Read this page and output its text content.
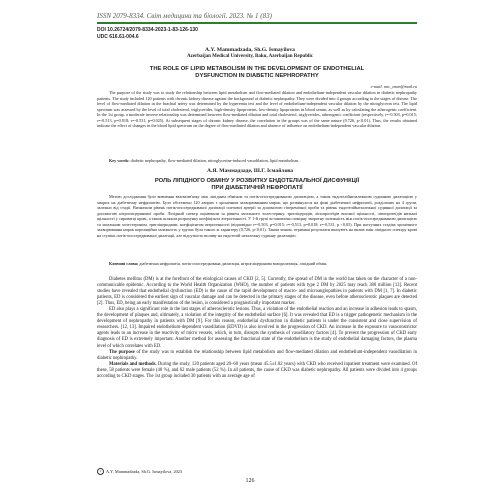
ISSN 2079-8334. Світ медицини та біології. 2023. № 1 (83)
DOI 10.26724/2079-8334-2023-1-83-126-130
UDC 616.61-004.6
A.Y. Mammadzada, Sh.G. Ismayilova
Azerbaijan Medical University, Baku, Azerbaijan Republic
THE ROLE OF LIPID METABOLISM IN THE DEVELOPMENT OF ENDOTHELIAL
DYSFUNCTION IN DIABETIC NEPHROPATHY
e-mail: mic_emm@mail.ru
The purpose of the study was to study the relationship between lipid metabolism and flow-mediated dilation and endothelium-independent vascular dilation in diabetic nephropathy patients. The study included 120 patients with chronic kidney disease against the background of diabetic nephropathy. They were divided into 4 groups according to the stages of disease. The level of flow-mediated dilation in the brachial artery was determined by the hyperemia test and the level of endothelium-independent vascular dilation by the nitroglycerin test. The lipid spectrum was assessed by the level of total cholesterol, triglycerides, high-density lipoproteins, low-density lipoproteins in blood serum, as well as by calculating the atherogenic coefficient. In the 1st group, a moderate inverse relationship was determined between flow-mediated dilation and total cholesterol, triglycerides, atherogenic coefficient (respectively, r=-0.503, p=0.015; r=-0.513, p=0.018; r=-0.531, p=0.025). At subsequent stages of chronic kidney disease, the correlation in the groups was of the same nature (0.726, p<0.01). Thus, the results obtained indicate the effect of changes in the blood lipid spectrum on the degree of flow-mediated dilation and absence of influence on endothelium-independent vascular dilation.
Key words: diabetic nephropathy, flow-mediated dilation, nitroglycerine-induced vasodilation, lipid metabolism.
А.Я. Маммадзаде, Ш.Г. Ісмайлова
РОЛЬ ЛІПІДНОГО ОБМІНУ У РОЗВИТКУ ЕНДОТЕЛІАЛЬНОЇ ДИСФУНКЦІЇ
ПРИ ДІАБЕТИЧНІЙ НЕФРОПАТІЇ
Метою дослідження було вивчення взаємозв'язку між ліпідним обміном та потік-опосередкованою дилатацією, а також ендотелійнезалежною судинною дилатацією у хворих на діабетичну нефропатію. Було обстежено 120 хворих з хронічним захворюванням нирок, що розвинулося на фоні діабетичної нефропатії, розділених на 4 групи, залежно від стадії. Визначали рівень потік-опосередкованої дилатації плечової артерії за допомогою гіперемічної проби та рівень ендотелійнезалежної судинної дилатації за допомогою нітрогліцеринової проби. Ліпідний спектр оцінювали за рівнем загального холестерину, тригліцеридів, ліпопротеїдів високої щільності, ліпопротеїдів низької щільності у сироватці крові, а також шляхом розрахунку коефіцієнта атерогенності. У 1-й групі встановлено помірну зворотну залежність між потік-опосередкованою дилатацією та загальним холестерином, тригліцеридами, коефіцієнтом атерогенності (відповідно r=-0,503, p=0,015; r=-0,513, p=0,018; r=-0,531, p <0,05). При наступних стадіях хронічного захворювання нирок кореляційна залежність у групах була такого ж характеру (0,726, p<0,01). Таким чином, отримані результати вказують на вплив змін ліпідного спектру крові на ступінь потік-опосередкованої дилатації, але відсутність впливу на ендотелій незалежну судинну дилатацію.
Ключові слова: діабетична нефропатія, потік-опосередкована дилатація, нітрогліцеринова вазодилатація, ліпідний обмін.

Diabetes mellitus (DM) is at the forefront of the etiological causes of CKD [2, 5]. Currently, the spread of DM in the world has taken on the character of a non-communicable epidemic. According to the World Health Organization (WHO), the number of patients with type 2 DM by 2025 may reach 380 million [13]. Recent studies have revealed that endothelial dysfunction (ED) is the cause of the rapid development of macro- and microangiopathies in patients with DM [1, 7]. In diabetic patients, ED is considered the earliest sign of vascular damage and can be detected in the primary stages of the disease, even before atherosclerotic plaques are detected [2]. Thus, ED, being an early manifestation of the lesion, is considered a prognostically important marker.

ED also plays a significant role in the last stages of atherosclerotic lesions. Thus, a violation of the endothelial reaction and an increase in adhesion leads to spasm, the development of plaques and, ultimately, a violation of the integrity of the endothelial surface [6]. It was revealed that ED is a trigger pathogenetic mechanism in the development of nephropathy in patients with DM [9]. For this reason, endothelial dysfunction in diabetic patients is under the consistent and close supervision of researchers. [12, 13]. Impaired endothelium-dependent vasodilation (EDVD) is also involved in the progression of CKD. An increase in the exposure to vasoconstrictor agents leads to an increase in the reactivity of micro vessels, which, in turn, disrupts the synthesis of vasodilatory factors [4]. To prevent the progression of CKD early diagnosis of ED is extremely important. Another method for assessing the functional state of the endothelium is the study of endothelial damaging factors, the plasma level of which correlates with ED.

The purpose of the study was to establish the relationship between lipid metabolism and flow-mediated dilation and endothelium-independent vasodilation in diabetic nephropathy.

Materials and methods. During the study, 120 patients aged 20–60 years (mean 45.5±1.02 years) with CKD who received inpatient treatment were examined. Of these, 58 patients were female (48 %), and 62 male patients (52 %). In all patients, the cause of CKD was diabetic nephropathy. All patients were divided into 4 groups according to CKD stages. The 1st group included 30 patients with an average age of

c	A.Y. Mammadzada, Sh.G. Ismayilova, 2023
126
